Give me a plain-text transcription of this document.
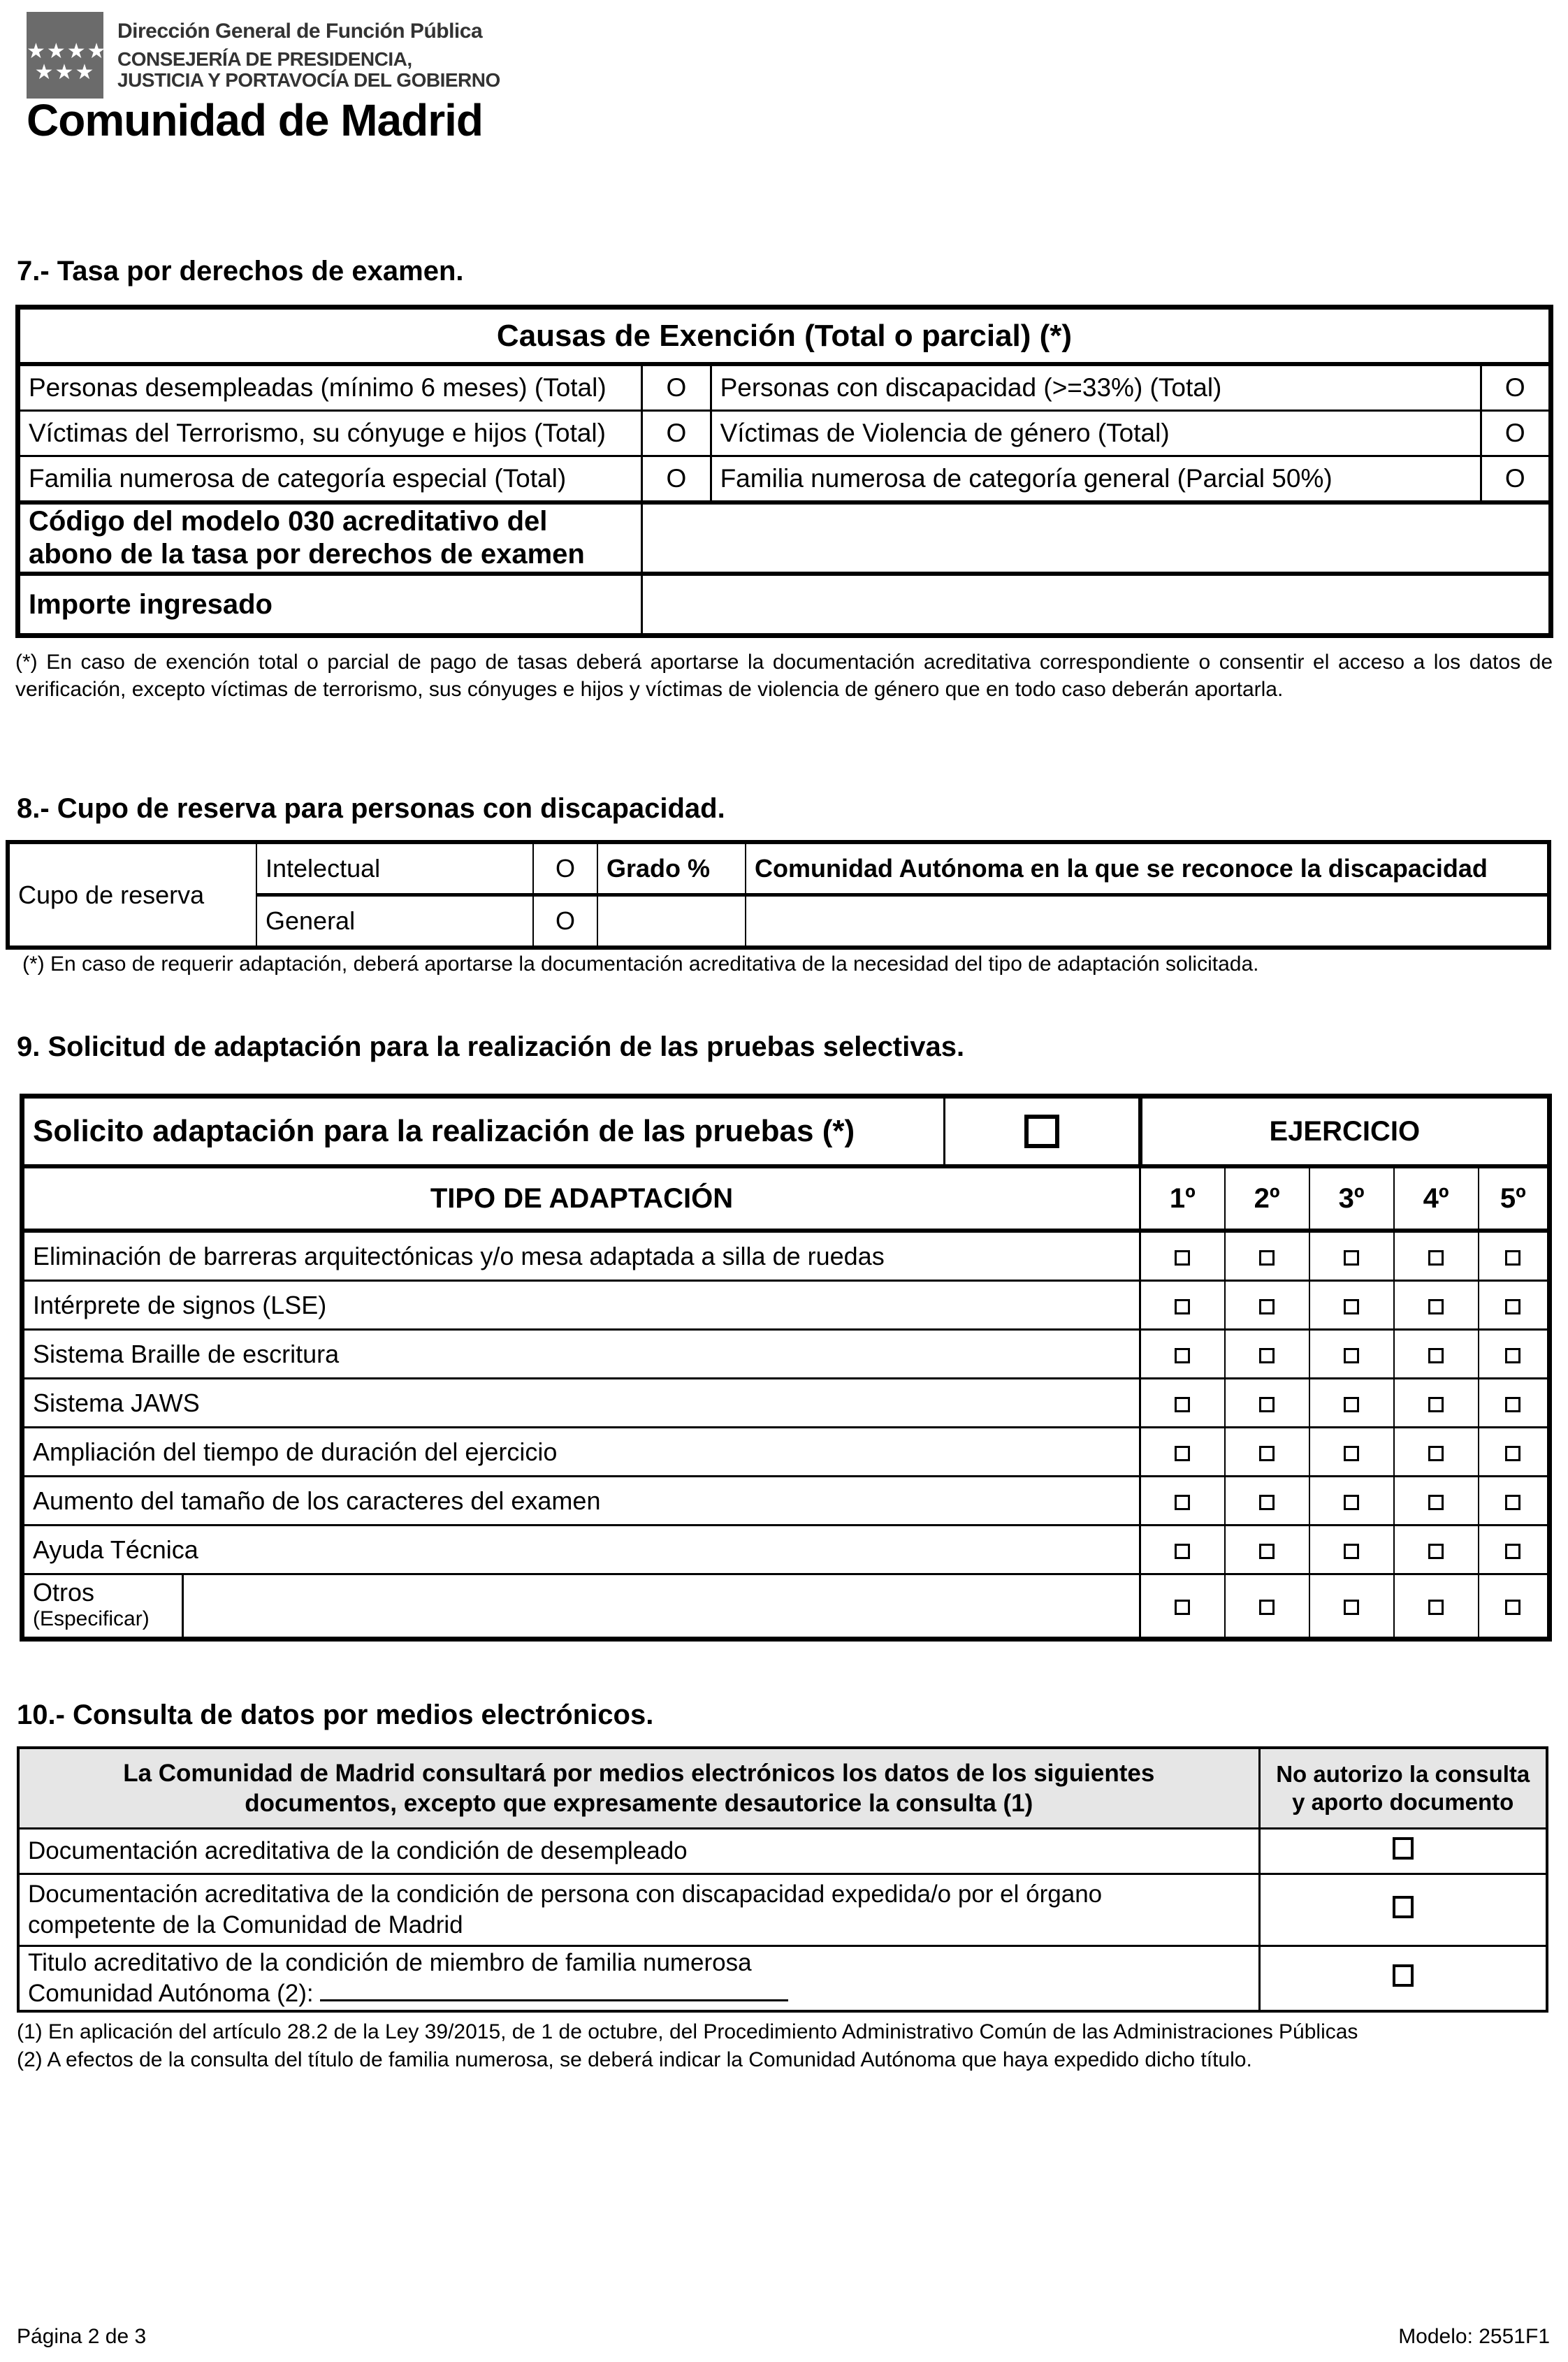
★★★★
★★★
Dirección General de Función Pública
CONSEJERÍA DE PRESIDENCIA,
JUSTICIA Y PORTAVOCÍA DEL GOBIERNO
Comunidad de Madrid
7.- Tasa por derechos de examen.
Causas de Exención (Total o parcial) (*)			
Personas desempleadas (mínimo 6 meses) (Total)	O	Personas con discapacidad (>=33%) (Total)	O
Víctimas del Terrorismo, su cónyuge e hijos (Total)	O	Víctimas de Violencia de género (Total)	O
Familia numerosa de categoría especial (Total)	O	Familia numerosa de categoría general (Parcial 50%)	O
Código del modelo 030 acreditativo del abono de la tasa por derechos de examen			
Importe ingresado			
(*) En caso de exención total o parcial de pago de tasas deberá aportarse la documentación acreditativa correspondiente o consentir el acceso a los datos de verificación, excepto víctimas de terrorismo, sus cónyuges e hijos y víctimas de violencia de género que en todo caso deberán aportarla.
8.- Cupo de reserva para personas con discapacidad.
Cupo de reserva	Intelectual	O	Grado %	Comunidad Autónoma en la que se reconoce la discapacidad
	General	O		
(*) En caso de requerir adaptación, deberá aportarse la documentación acreditativa de la necesidad del tipo de adaptación solicitada.
9. Solicitud de adaptación para la realización de las pruebas selectivas.
Solicito adaptación para la realización de las pruebas (*)			EJERCICIO				
TIPO DE ADAPTACIÓN			1º	2º	3º	4º	5º
Eliminación de barreras arquitectónicas y/o mesa adaptada a silla de ruedas							
Intérprete de signos (LSE)							
Sistema Braille de escritura							
Sistema JAWS							
Ampliación del tiempo de duración del ejercicio							
Aumento del tamaño de los caracteres del examen							
Ayuda Técnica							

Otros
(Especificar)							

10.- Consulta de datos por medios electrónicos.
La Comunidad de Madrid consultará por medios electrónicos los datos de los siguientes documentos, excepto que expresamente desautorice la consulta (1)	No autorizo la consulta y aporto documento
Documentación acreditativa de la condición de desempleado	

Documentación acreditativa de la condición de persona con discapacidad expedida/o por el órgano
competente de la Comunidad de Madrid	

Titulo acreditativo de la condición de miembro de familia numerosa
Comunidad Autónoma (2):	

(1) En aplicación del artículo 28.2 de la Ley 39/2015, de 1 de octubre, del Procedimiento Administrativo Común de las Administraciones Públicas
(2) A efectos de la consulta del título de familia numerosa, se deberá indicar la Comunidad Autónoma que haya expedido dicho título.
Página 2 de 3	Modelo: 2551F1
